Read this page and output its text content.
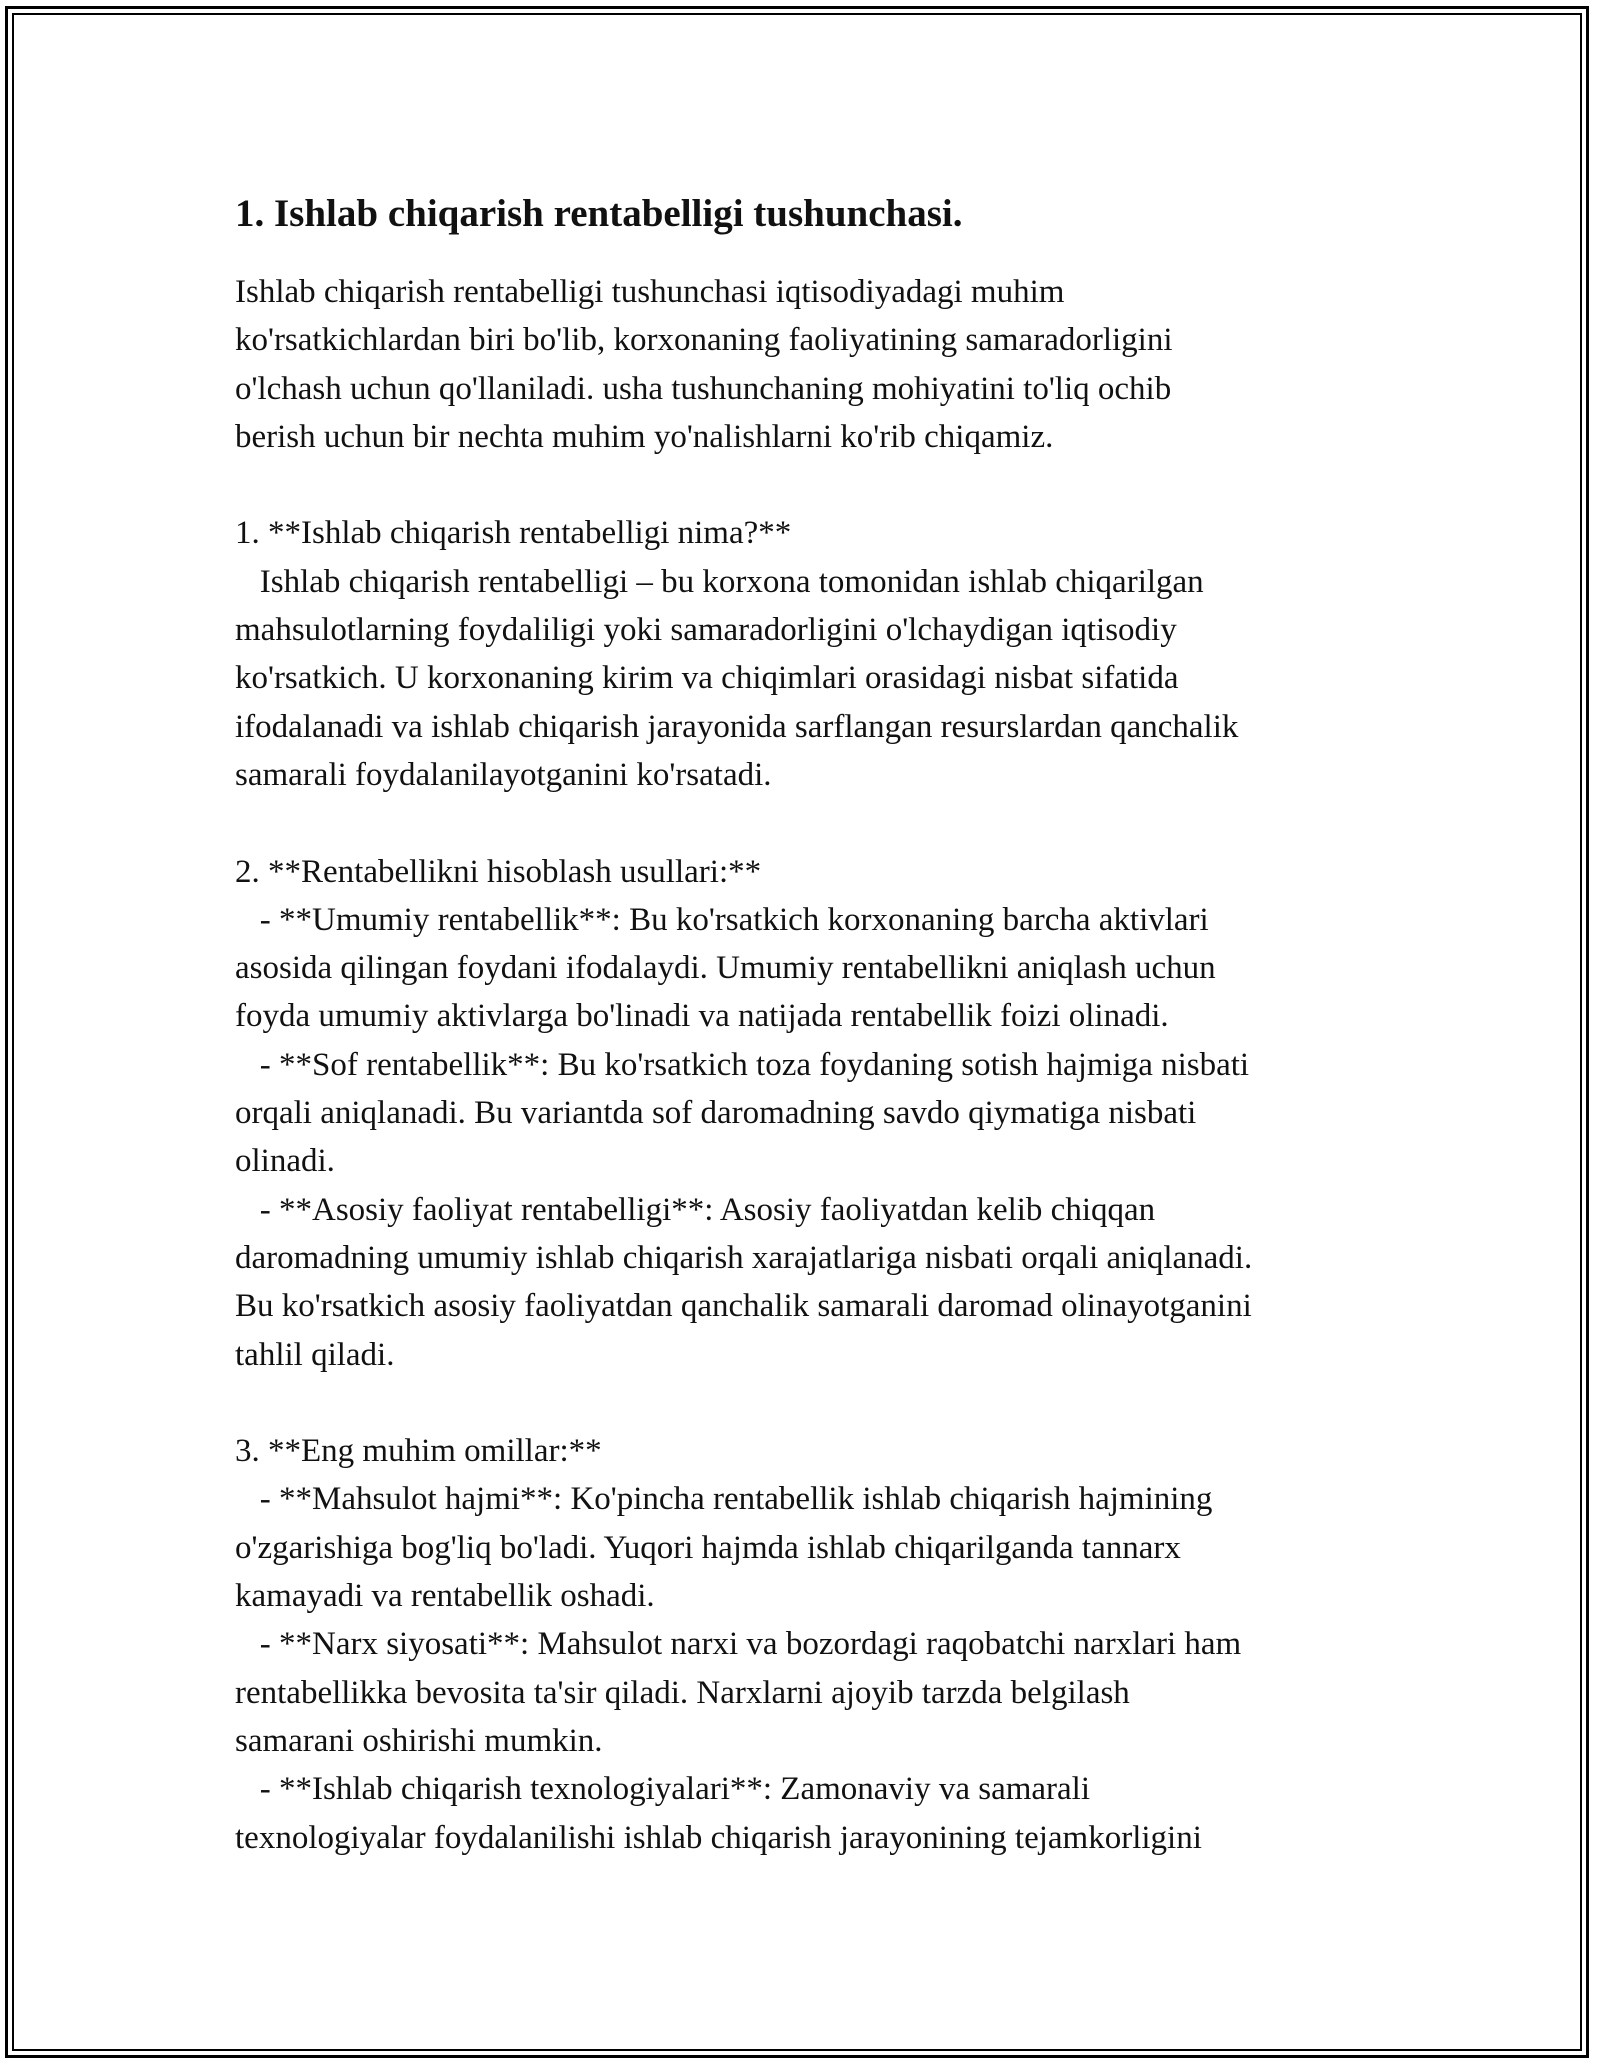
1. Ishlab chiqarish rentabelligi tushunchasi.
Ishlab chiqarish rentabelligi tushunchasi iqtisodiyadagi muhim
ko'rsatkichlardan biri bo'lib, korxonaning faoliyatining samaradorligini
o'lchash uchun qo'llaniladi. usha tushunchaning mohiyatini to'liq ochib
berish uchun bir nechta muhim yo'nalishlarni ko'rib chiqamiz.
1. **Ishlab chiqarish rentabelligi nima?**
Ishlab chiqarish rentabelligi – bu korxona tomonidan ishlab chiqarilgan
mahsulotlarning foydaliligi yoki samaradorligini o'lchaydigan iqtisodiy
ko'rsatkich. U korxonaning kirim va chiqimlari orasidagi nisbat sifatida
ifodalanadi va ishlab chiqarish jarayonida sarflangan resurslardan qanchalik
samarali foydalanilayotganini ko'rsatadi.
2. **Rentabellikni hisoblash usullari:**
- **Umumiy rentabellik**: Bu ko'rsatkich korxonaning barcha aktivlari
asosida qilingan foydani ifodalaydi. Umumiy rentabellikni aniqlash uchun
foyda umumiy aktivlarga bo'linadi va natijada rentabellik foizi olinadi.
- **Sof rentabellik**: Bu ko'rsatkich toza foydaning sotish hajmiga nisbati
orqali aniqlanadi. Bu variantda sof daromadning savdo qiymatiga nisbati
olinadi.
- **Asosiy faoliyat rentabelligi**: Asosiy faoliyatdan kelib chiqqan
daromadning umumiy ishlab chiqarish xarajatlariga nisbati orqali aniqlanadi.
Bu ko'rsatkich asosiy faoliyatdan qanchalik samarali daromad olinayotganini
tahlil qiladi.
3. **Eng muhim omillar:**
- **Mahsulot hajmi**: Ko'pincha rentabellik ishlab chiqarish hajmining
o'zgarishiga bog'liq bo'ladi. Yuqori hajmda ishlab chiqarilganda tannarx
kamayadi va rentabellik oshadi.
- **Narx siyosati**: Mahsulot narxi va bozordagi raqobatchi narxlari ham
rentabellikka bevosita ta'sir qiladi. Narxlarni ajoyib tarzda belgilash
samarani oshirishi mumkin.
- **Ishlab chiqarish texnologiyalari**: Zamonaviy va samarali
texnologiyalar foydalanilishi ishlab chiqarish jarayonining tejamkorligini
